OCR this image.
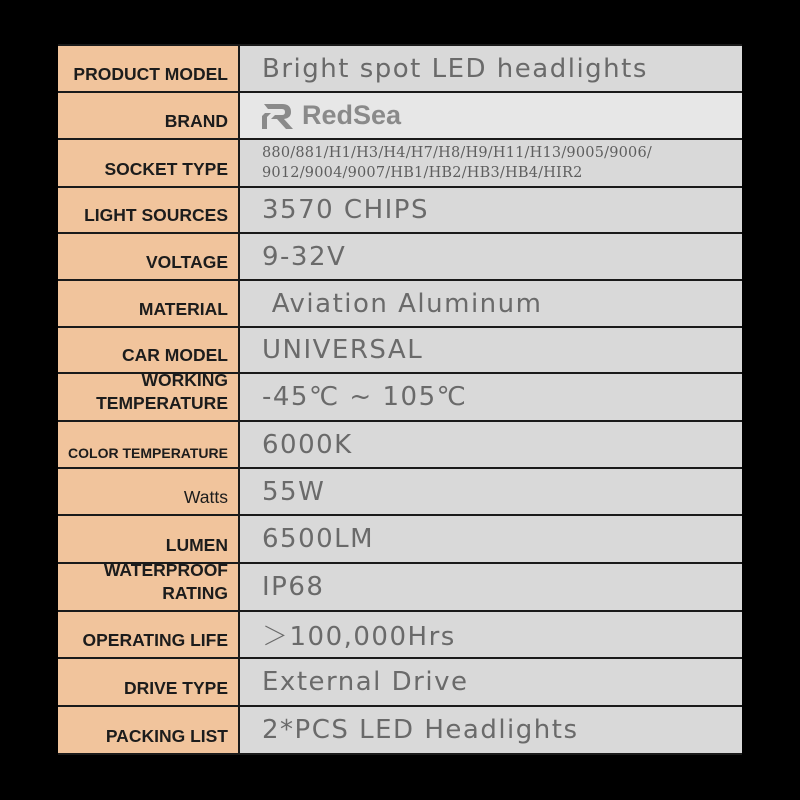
PRODUCT MODEL	Bright spot LED headlights
BRAND	RedSea
SOCKET TYPE
880/881/H1/H3/H4/H7/H8/H9/H11/H13/9005/9006/
9012/9004/9007/HB1/HB2/HB3/HB4/HIR2
LIGHT SOURCES	3570 CHIPS
VOLTAGE	9-32V
MATERIAL	Aviation Aluminum
CAR MODEL	UNIVERSAL
WORKING
TEMPERATURE	-45℃ ~ 105℃
COLOR TEMPERATURE	6000K
Watts	55W
LUMEN	6500LM
WATERPROOF
RATING	IP68
OPERATING LIFE	＞100,000Hrs
DRIVE TYPE	External Drive
PACKING LIST	2*PCS LED Headlights
